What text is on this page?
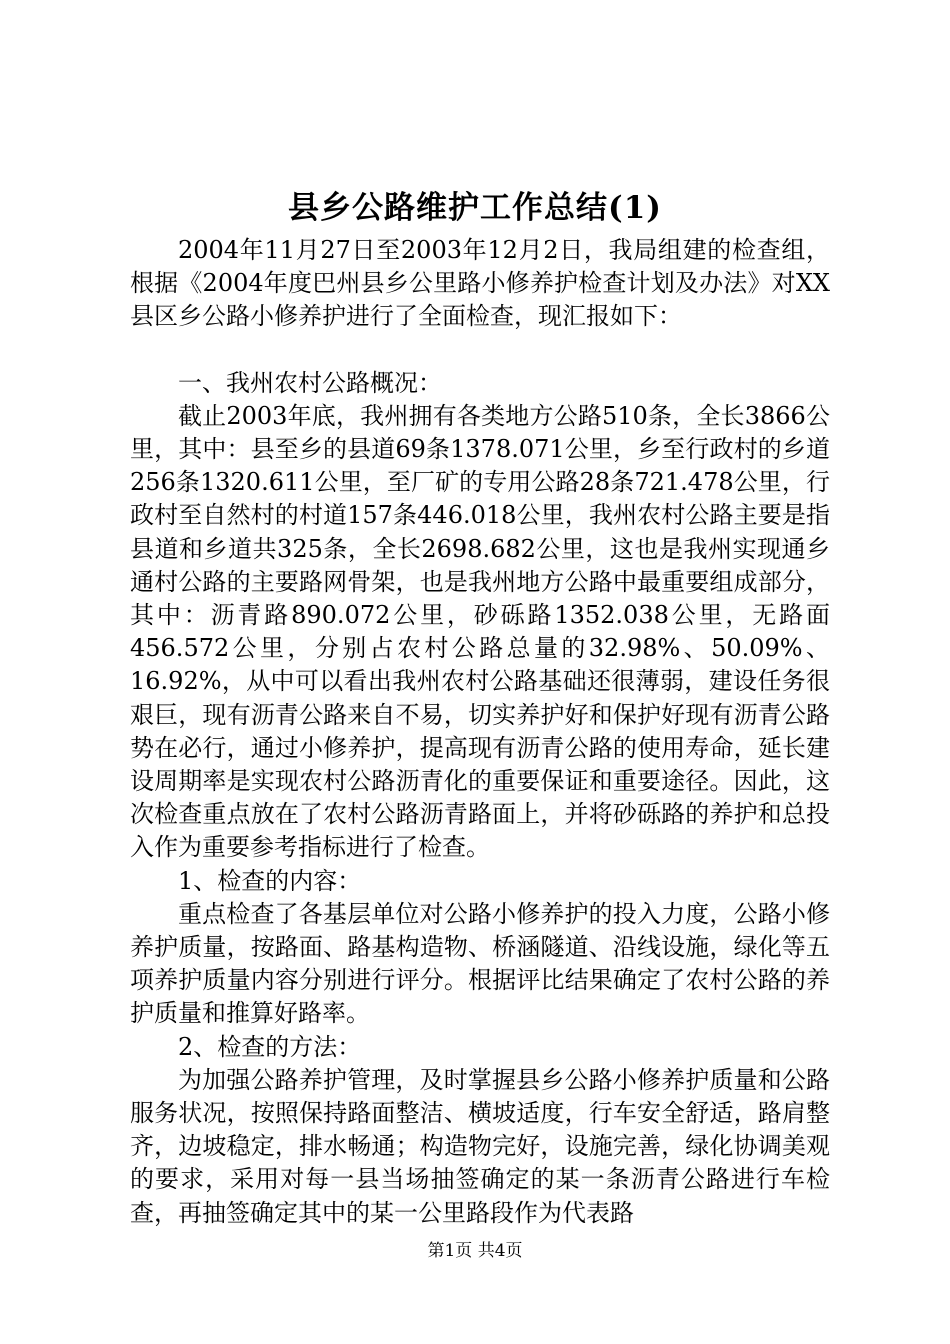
县乡公路维护工作总结(1)

2004年11月27日至2003年12月2日，我局组建的检查组，根据《2004年度巴州县乡公里路小修养护检查计划及办法》对XX县区乡公路小修养护进行了全面检查，现汇报如下：

一、我州农村公路概况：

截止2003年底，我州拥有各类地方公路510条，全长3866公里，其中：县至乡的县道69条1378.071公里，乡至行政村的乡道256条1320.611公里，至厂矿的专用公路28条721.478公里，行政村至自然村的村道157条446.018公里，我州农村公路主要是指县道和乡道共325条，全长2698.682公里，这也是我州实现通乡通村公路的主要路网骨架，也是我州地方公路中最重要组成部分，其中：沥青路890.072公里，砂砾路1352.038公里，无路面456.572公里，分别占农村公路总量的32.98%、50.09%、16.92%，从中可以看出我州农村公路基础还很薄弱，建设任务很艰巨，现有沥青公路来自不易，切实养护好和保护好现有沥青公路势在必行，通过小修养护，提高现有沥青公路的使用寿命，延长建设周期率是实现农村公路沥青化的重要保证和重要途径。因此，这次检查重点放在了农村公路沥青路面上，并将砂砾路的养护和总投入作为重要参考指标进行了检查。

1、检查的内容：

重点检查了各基层单位对公路小修养护的投入力度，公路小修养护质量，按路面、路基构造物、桥涵隧道、沿线设施，绿化等五项养护质量内容分别进行评分。根据评比结果确定了农村公路的养护质量和推算好路率。

2、检查的方法：

为加强公路养护管理，及时掌握县乡公路小修养护质量和公路服务状况，按照保持路面整洁、横坡适度，行车安全舒适，路肩整齐，边坡稳定，排水畅通；构造物完好，设施完善，绿化协调美观的要求，采用对每一县当场抽签确定的某一条沥青公路进行车检查，再抽签确定其中的某一公里路段作为代表路

第1页 共4页
